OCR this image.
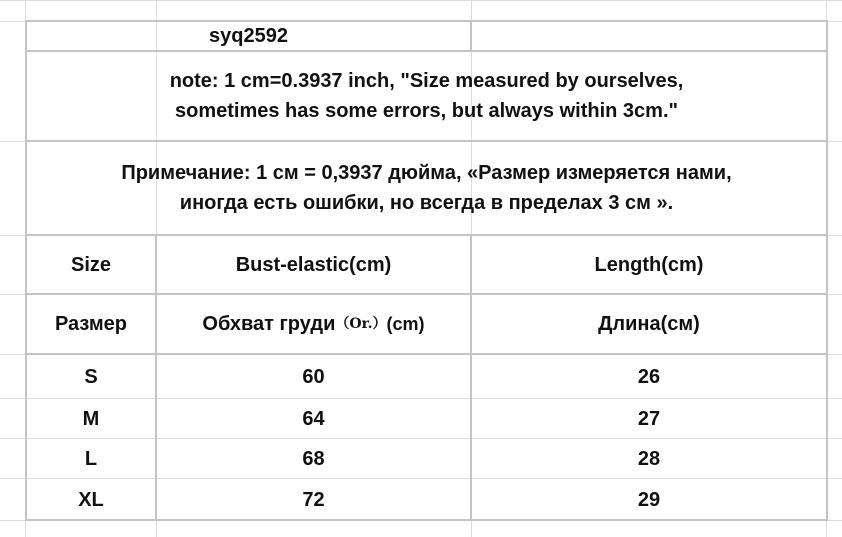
syq2592
note: 1 cm=0.3937 inch, "Size measured by ourselves,
sometimes has some errors, but always within 3cm."
Примечание: 1 см = 0,3937 дюйма, «Размер измеряется нами,
иногда есть ошибки, но всегда в пределах 3 см ».
Size	Bust-elastic(cm)	Length(cm)
Размер	Обхват груди （Or.） (cm)	Длина(см)
S	60	26
M	64	27
L	68	28
XL	72	29
